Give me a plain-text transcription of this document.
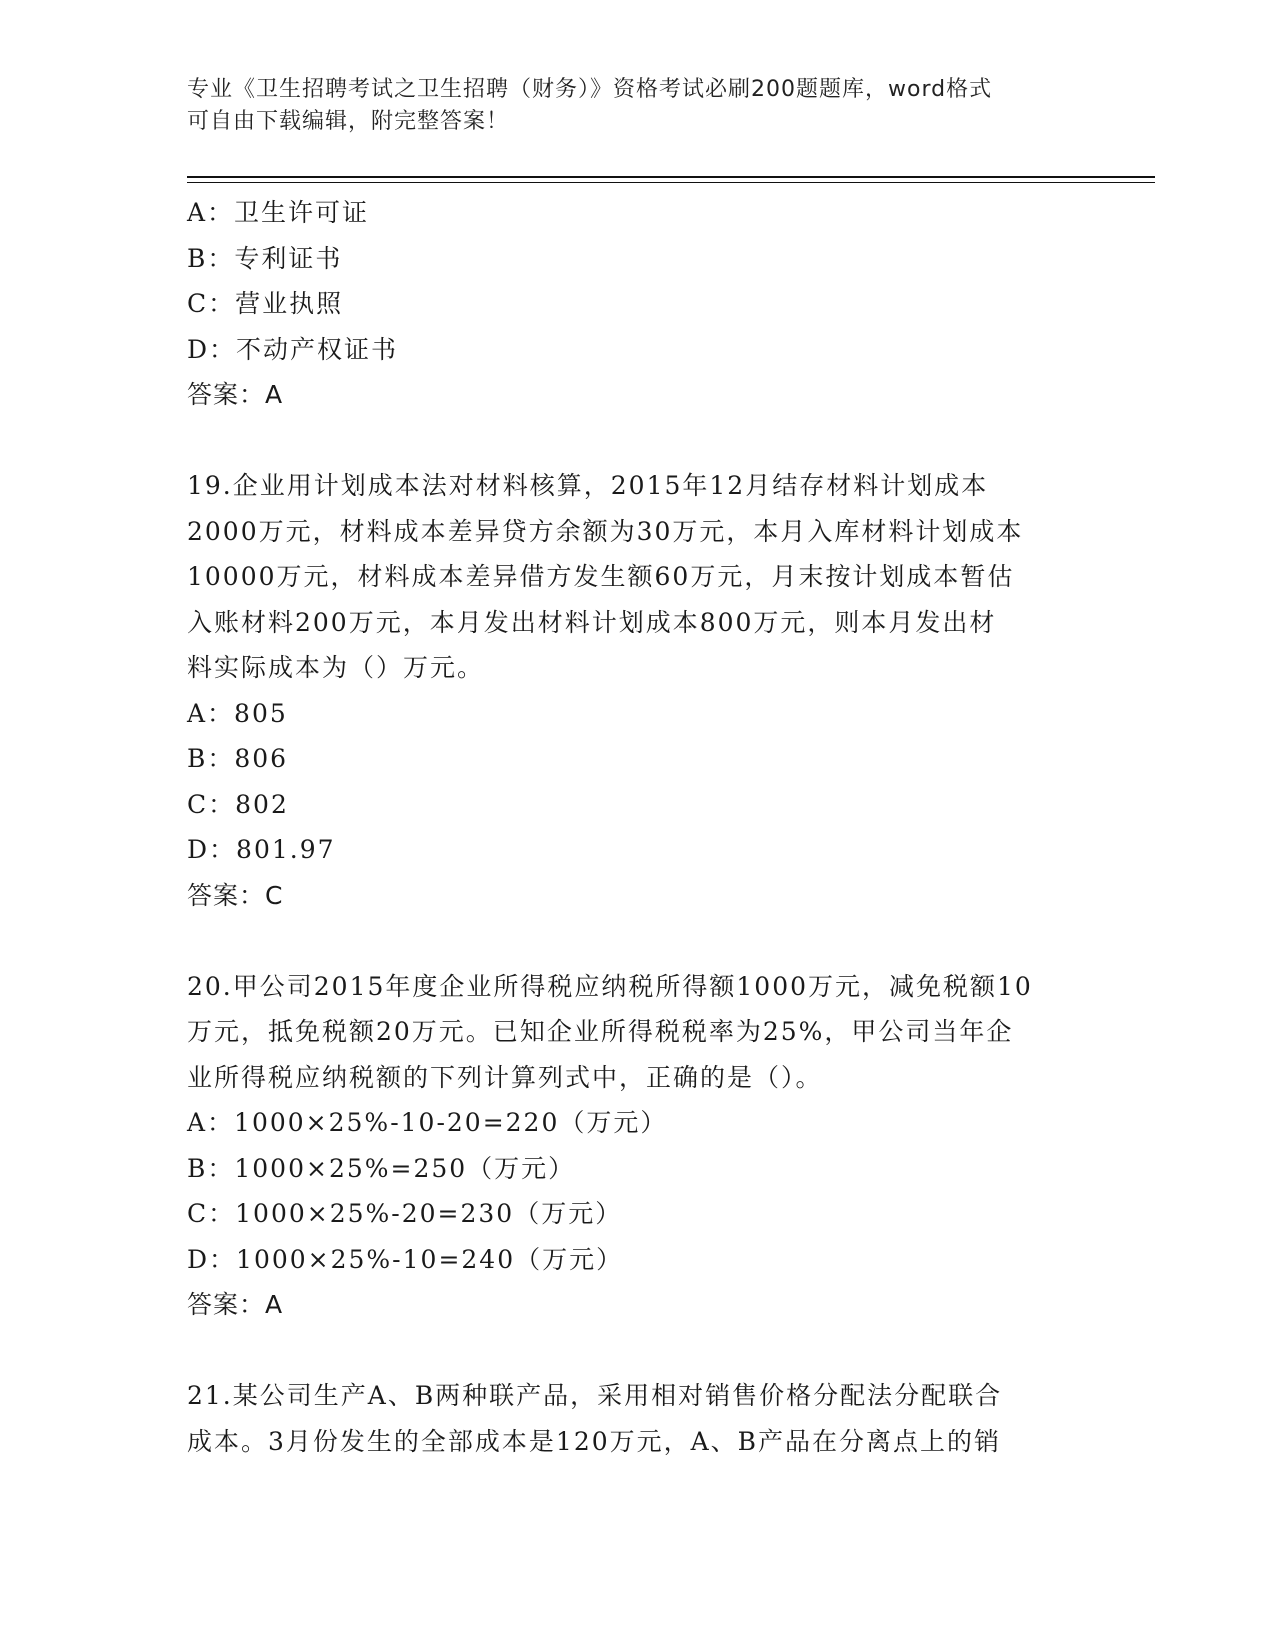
专业《卫生招聘考试之卫生招聘（财务）》资格考试必刷200题题库，word格式
可自由下载编辑，附完整答案！
A：卫生许可证
B：专利证书
C：营业执照
D：不动产权证书
答案：A
19.企业用计划成本法对材料核算，2015年12月结存材料计划成本
2000万元，材料成本差异贷方余额为30万元，本月入库材料计划成本
10000万元，材料成本差异借方发生额60万元，月末按计划成本暂估
入账材料200万元，本月发出材料计划成本800万元，则本月发出材
料实际成本为（）万元。
A：805
B：806
C：802
D：801.97
答案：C
20.甲公司2015年度企业所得税应纳税所得额1000万元，减免税额10
万元，抵免税额20万元。已知企业所得税税率为25%，甲公司当年企
业所得税应纳税额的下列计算列式中，正确的是（）。
A：1000×25%-10-20=220（万元）
B：1000×25%=250（万元）
C：1000×25%-20=230（万元）
D：1000×25%-10=240（万元）
答案：A
21.某公司生产A、B两种联产品，采用相对销售价格分配法分配联合
成本。3月份发生的全部成本是120万元，A、B产品在分离点上的销
